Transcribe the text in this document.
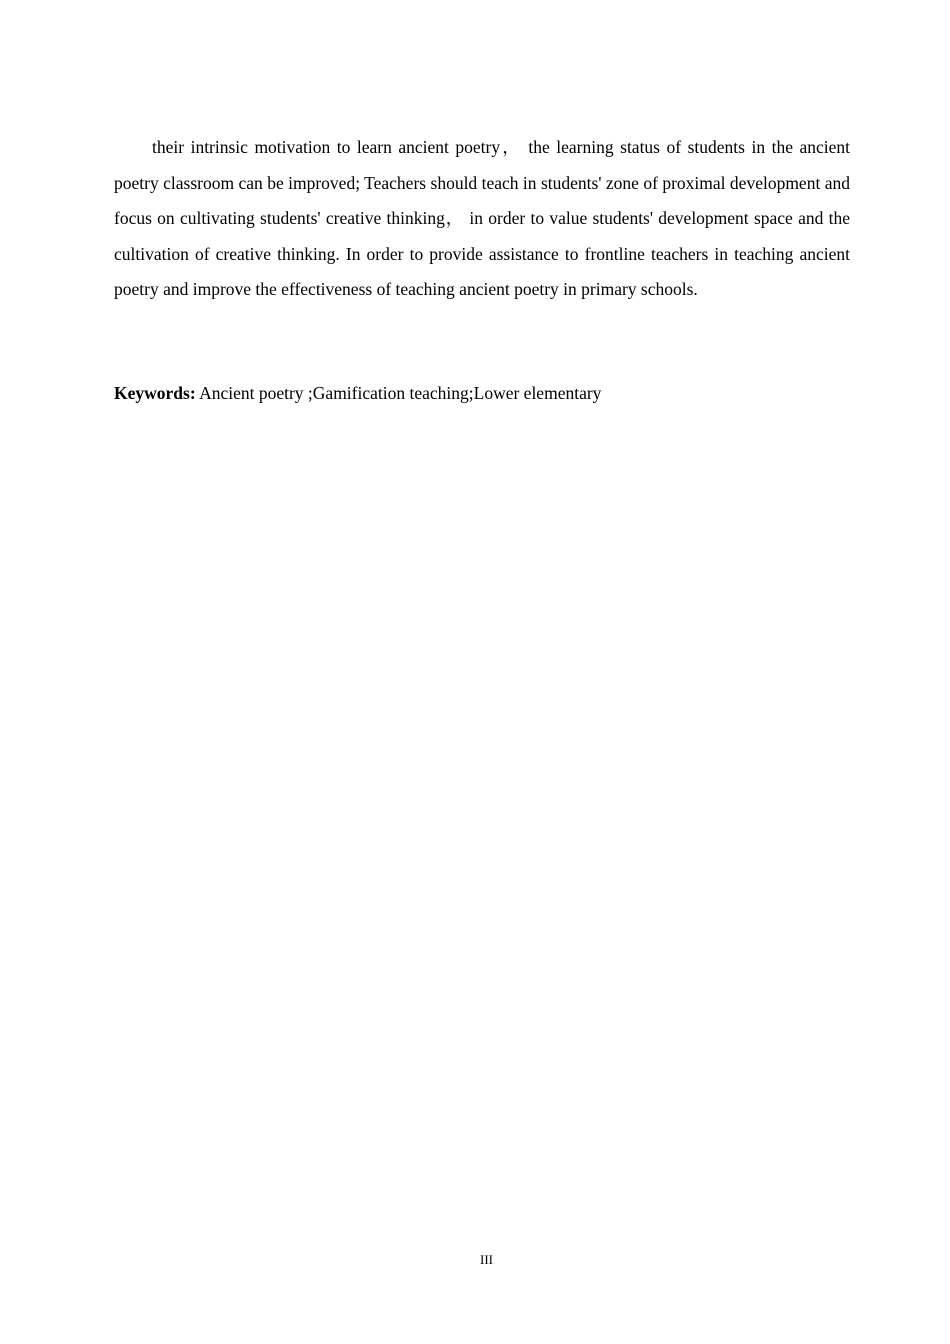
their intrinsic motivation to learn ancient poetry， the learning status of students in the ancient poetry classroom can be improved; Teachers should teach in students' zone of proximal development and focus on cultivating students' creative thinking， in order to value students' development space and the cultivation of creative thinking. In order to provide assistance to frontline teachers in teaching ancient poetry and improve the effectiveness of teaching ancient poetry in primary schools.

Keywords: Ancient poetry ;Gamification teaching;Lower elementary

III
